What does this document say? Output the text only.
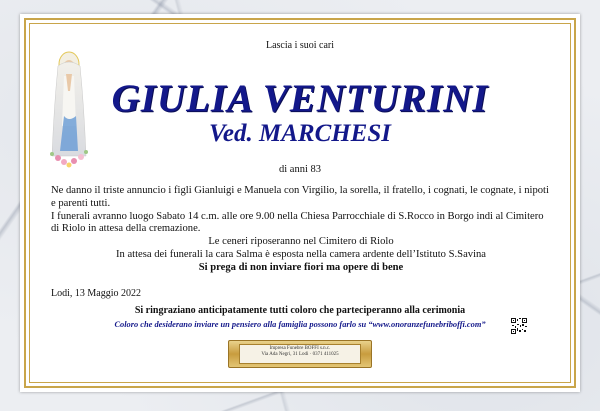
Lascia i suoi cari
GIULIA VENTURINI
Ved. MARCHESI
di anni 83

Ne danno il triste annuncio i figli Gianluigi e Manuela con Virgilio, la sorella, il fratello, i cognati, le cognate, i nipoti e parenti tutti.

I funerali avranno luogo Sabato 14 c.m. alle ore 9.00 nella Chiesa Parrocchiale di S.Rocco in Borgo indi al Cimitero di Riolo in attesa della cremazione.

Le ceneri riposeranno nel Cimitero di Riolo

In attesa dei funerali la cara Salma è esposta nella camera ardente dell’Istituto S.Savina

Si prega di non inviare fiori ma opere di bene

Lodi, 13 Maggio 2022
Si ringraziano anticipatamente tutti coloro che parteciperanno alla cerimonia
Coloro che desiderano inviare un pensiero alla famiglia possono farlo su “www.onoranzefunebriboffi.com”
Impresa Funebre BOFFI s.n.c.
Via Ada Negri, 31 Lodi · 0371 411025
